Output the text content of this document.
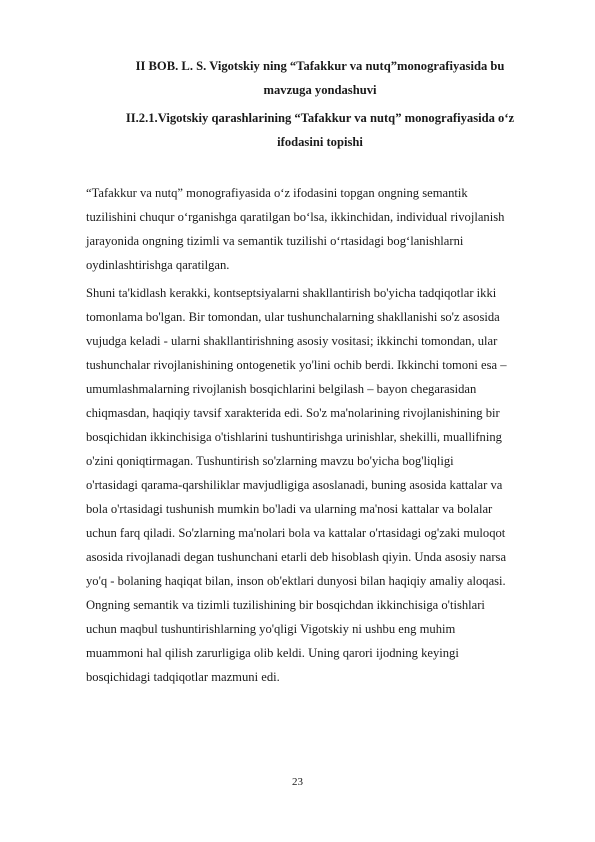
II BOB. L. S. Vigotskiy ning “Tafakkur va nutq”monografiyasida bu
mavzuga yondashuvi
II.2.1.Vigotskiy qarashlarining “Tafakkur va nutq” monografiyasida o‘z
ifodasini topishi
“Tafakkur va nutq” monografiyasida o‘z ifodasini topgan ongning semantik
tuzilishini chuqur o‘rganishga qaratilgan bo‘lsa, ikkinchidan, individual rivojlanish
jarayonida ongning tizimli va semantik tuzilishi o‘rtasidagi bog‘lanishlarni
oydinlashtirishga qaratilgan.
Shuni ta'kidlash kerakki, kontseptsiyalarni shakllantirish bo'yicha tadqiqotlar ikki
tomonlama bo'lgan. Bir tomondan, ular tushunchalarning shakllanishi so'z asosida
vujudga keladi - ularni shakllantirishning asosiy vositasi; ikkinchi tomondan, ular
tushunchalar rivojlanishining ontogenetik yo'lini ochib berdi. Ikkinchi tomoni esa –
umumlashmalarning rivojlanish bosqichlarini belgilash – bayon chegarasidan
chiqmasdan, haqiqiy tavsif xarakterida edi. So'z ma'nolarining rivojlanishining bir
bosqichidan ikkinchisiga o'tishlarini tushuntirishga urinishlar, shekilli, muallifning
o'zini qoniqtirmagan. Tushuntirish so'zlarning mavzu bo'yicha bog'liqligi
o'rtasidagi qarama-qarshiliklar mavjudligiga asoslanadi, buning asosida kattalar va
bola o'rtasidagi tushunish mumkin bo'ladi va ularning ma'nosi kattalar va bolalar
uchun farq qiladi. So'zlarning ma'nolari bola va kattalar o'rtasidagi og'zaki muloqot
asosida rivojlanadi degan tushunchani etarli deb hisoblash qiyin. Unda asosiy narsa
yo'q - bolaning haqiqat bilan, inson ob'ektlari dunyosi bilan haqiqiy amaliy aloqasi.
Ongning semantik va tizimli tuzilishining bir bosqichdan ikkinchisiga o'tishlari
uchun maqbul tushuntirishlarning yo'qligi Vigotskiy ni ushbu eng muhim
muammoni hal qilish zarurligiga olib keldi. Uning qarori ijodning keyingi
bosqichidagi tadqiqotlar mazmuni edi.
23
